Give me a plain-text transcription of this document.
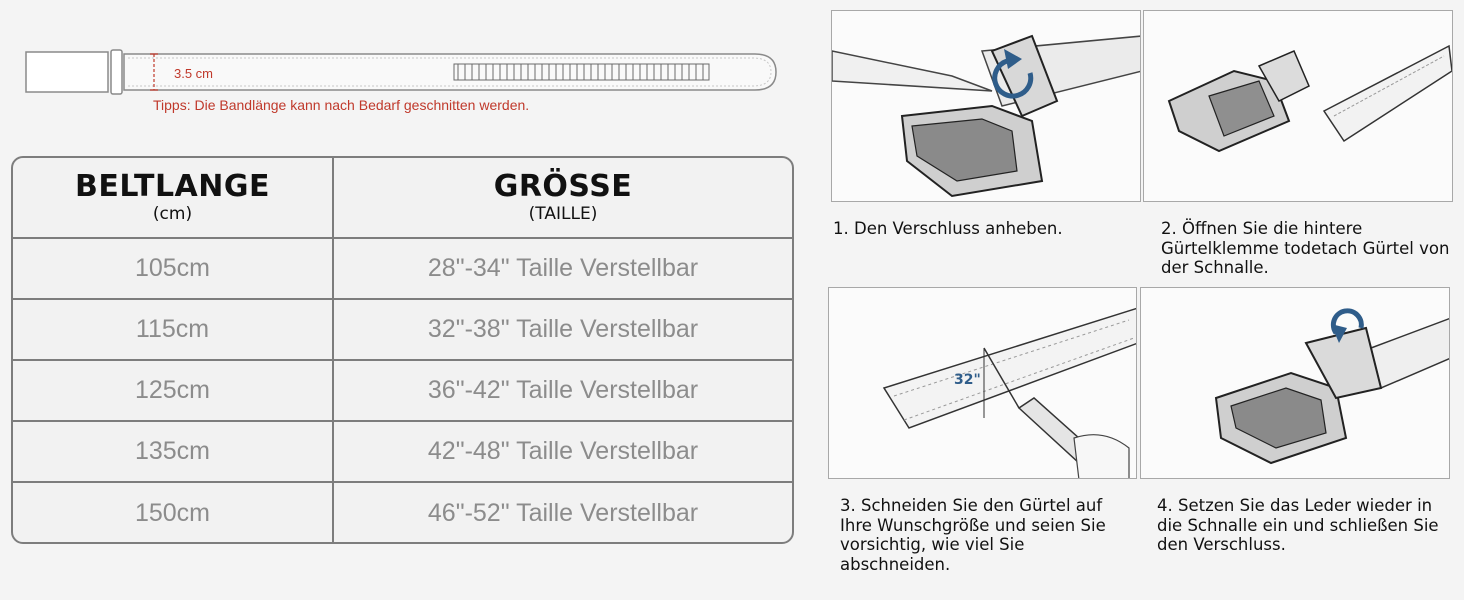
3.5 cm
Tipps: Die Bandlänge kann nach Bedarf geschnitten werden.
BELTLANGE
(cm)
GRÖSSE
(TAILLE)
105cm	28"-34" Taille Verstellbar
115cm	32"-38" Taille Verstellbar
125cm	36"-42" Taille Verstellbar
135cm	42"-48" Taille Verstellbar
150cm	46"-52" Taille Verstellbar
32"
1. Den Verschluss anheben.	2. Öffnen Sie die hintere Gürtelklemme todetach Gürtel von der Schnalle.
3. Schneiden Sie den Gürtel auf Ihre Wunschgröße und seien Sie vorsichtig, wie viel Sie abschneiden.
4. Setzen Sie das Leder wieder in die Schnalle ein und schließen Sie den Verschluss.
